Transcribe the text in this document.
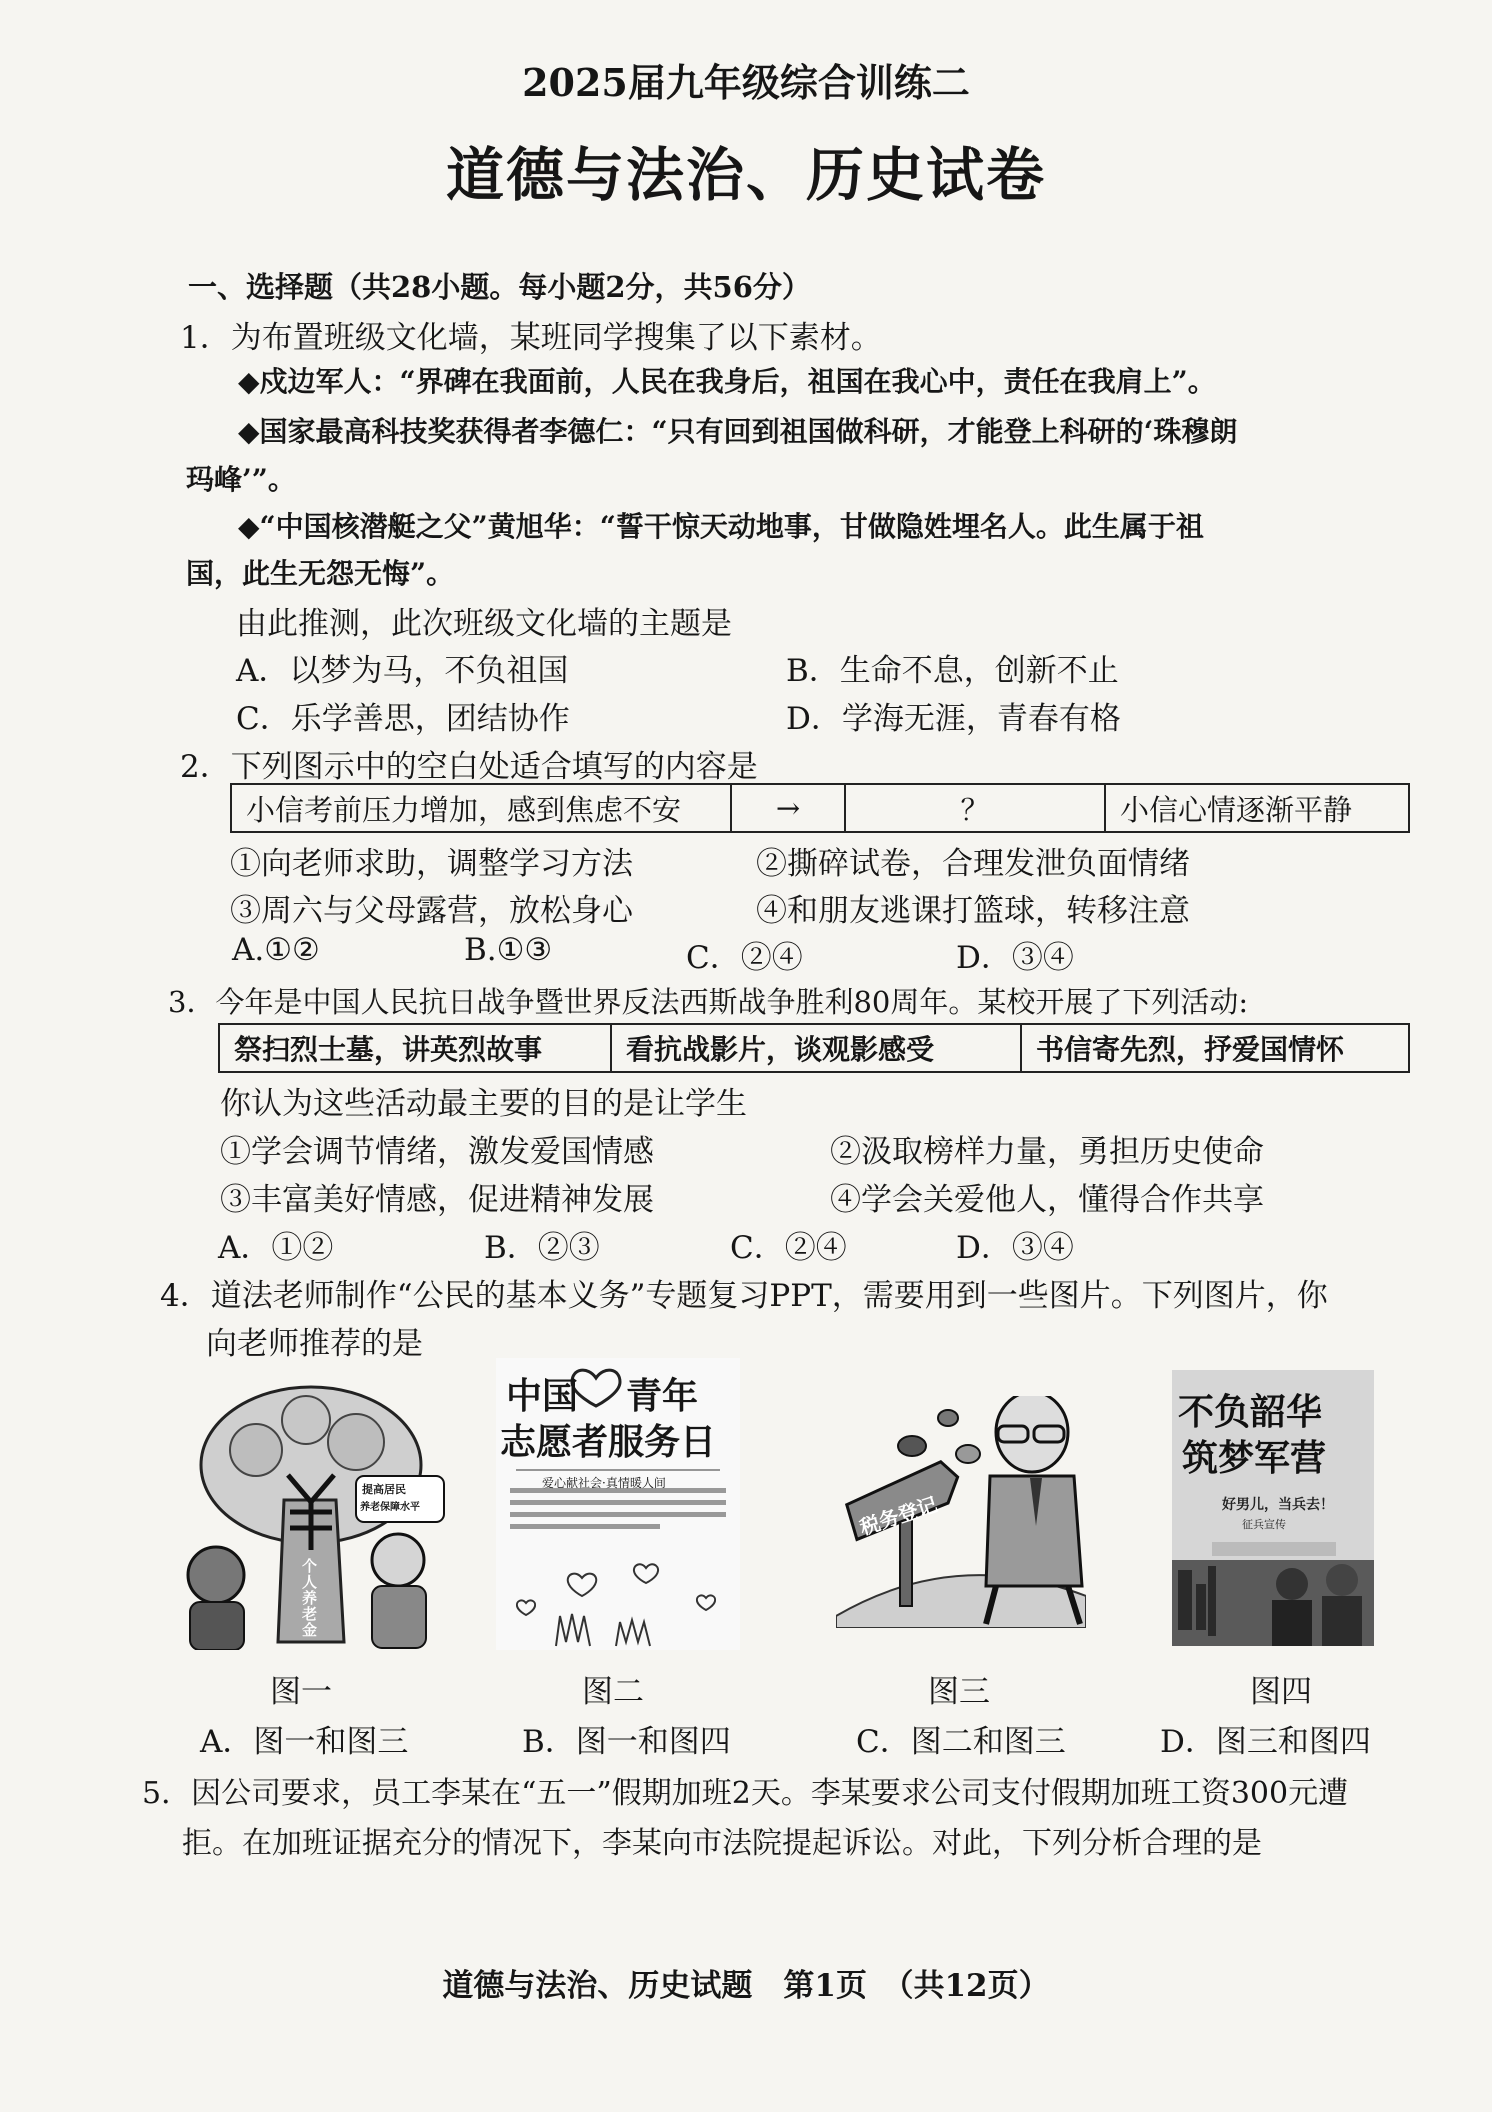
2025届九年级综合训练二
道德与法治、历史试卷
一、选择题（共28小题。每小题2分，共56分）
1．为布置班级文化墙，某班同学搜集了以下素材。
◆戍边军人：“界碑在我面前，人民在我身后，祖国在我心中，责任在我肩上”。
◆国家最高科技奖获得者李德仁：“只有回到祖国做科研，才能登上科研的‘珠穆朗
玛峰’”。
◆“中国核潜艇之父”黄旭华：“誓干惊天动地事，甘做隐姓埋名人。此生属于祖
国，此生无怨无悔”。
由此推测，此次班级文化墙的主题是
A．以梦为马，不负祖国	B．生命不息，创新不止
C．乐学善思，团结协作	D．学海无涯，青春有格
2．下列图示中的空白处适合填写的内容是
小信考前压力增加，感到焦虑不安	→	？	小信心情逐渐平静
①向老师求助，调整学习方法	②撕碎试卷，合理发泄负面情绪
③周六与父母露营，放松身心	④和朋友逃课打篮球，转移注意
A.①②	B.①③	C．②④	D．③④
3．今年是中国人民抗日战争暨世界反法西斯战争胜利80周年。某校开展了下列活动:
祭扫烈士墓，讲英烈故事	看抗战影片，谈观影感受	书信寄先烈，抒爱国情怀
你认为这些活动最主要的目的是让学生
①学会调节情绪，激发爱国情感	②汲取榜样力量，勇担历史使命
③丰富美好情感，促进精神发展	④学会关爱他人，懂得合作共享
A．①②	B．②③	C．②④	D．③④
4．道法老师制作“公民的基本义务”专题复习PPT，需要用到一些图片。下列图片，你
向老师推荐的是
提高居民
养老保障水平
个人养老金
中国 青年
志愿者服务日
爱心献社会·真情暖人间
税务登记
不负韶华
筑梦军营
好男儿，当兵去！
征兵宣传
图一	图二	图三	图四
A．图一和图三	B．图一和图四	C．图二和图三	D．图三和图四
5．因公司要求，员工李某在“五一”假期加班2天。李某要求公司支付假期加班工资300元遭
拒。在加班证据充分的情况下，李某向市法院提起诉讼。对此，下列分析合理的是
道德与法治、历史试题　第1页　（共12页）
